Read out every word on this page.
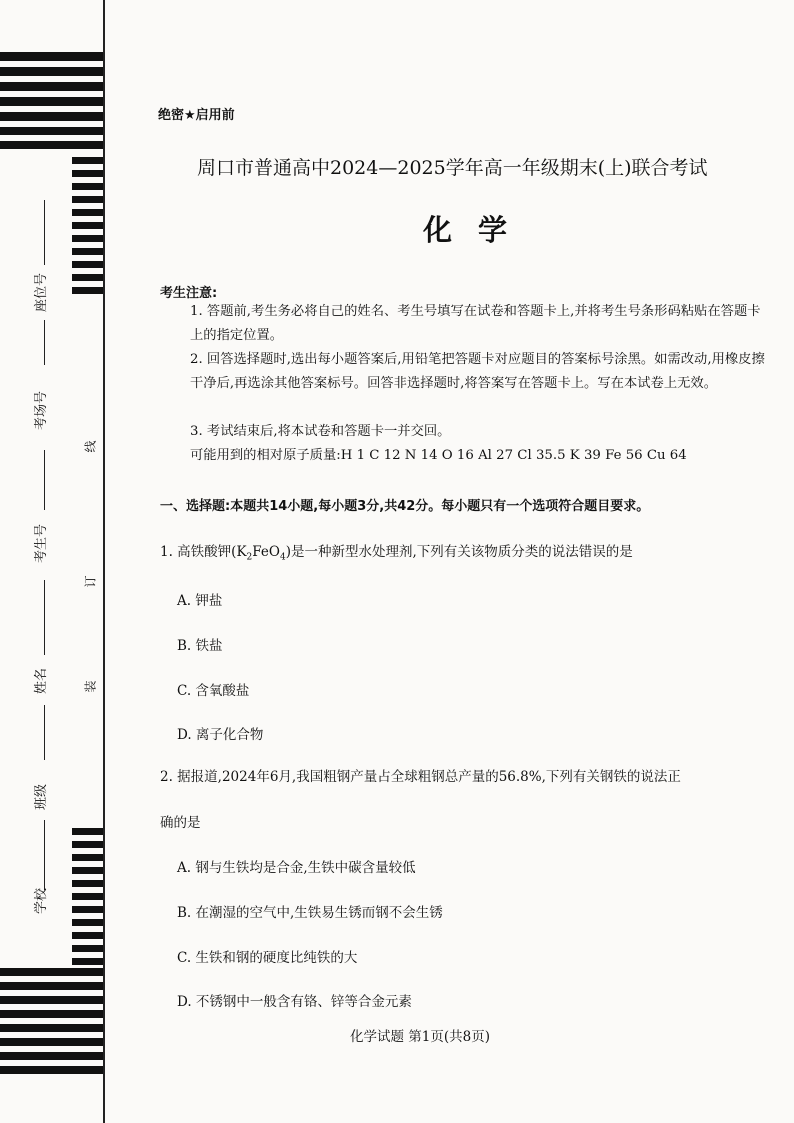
座位号
考场号
考生号
姓名
班级
学校
线
订
装
绝密★启用前
周口市普通高中2024—2025学年高一年级期末(上)联合考试
化学
考生注意:
1. 答题前,考生务必将自己的姓名、考生号填写在试卷和答题卡上,并将考生号条形码粘贴在答题卡上的指定位置。
2. 回答选择题时,选出每小题答案后,用铅笔把答题卡对应题目的答案标号涂黑。如需改动,用橡皮擦干净后,再选涂其他答案标号。回答非选择题时,将答案写在答题卡上。写在本试卷上无效。
3. 考试结束后,将本试卷和答题卡一并交回。
可能用到的相对原子质量:H 1 C 12 N 14 O 16 Al 27 Cl 35.5 K 39 Fe 56 Cu 64
一、选择题:本题共14小题,每小题3分,共42分。每小题只有一个选项符合题目要求。
1. 高铁酸钾$(K_2FeO_4)$是一种新型水处理剂,下列有关该物质分类的说法错误的是
A. 钾盐
B. 铁盐
C. 含氧酸盐
D. 离子化合物
2. 据报道,2024年6月,我国粗钢产量占全球粗钢总产量的56.8%,下列有关钢铁的说法正
确的是
A. 钢与生铁均是合金,生铁中碳含量较低
B. 在潮湿的空气中,生铁易生锈而钢不会生锈
C. 生铁和钢的硬度比纯铁的大
D. 不锈钢中一般含有铬、锌等合金元素
化学试题 第1页(共8页)
